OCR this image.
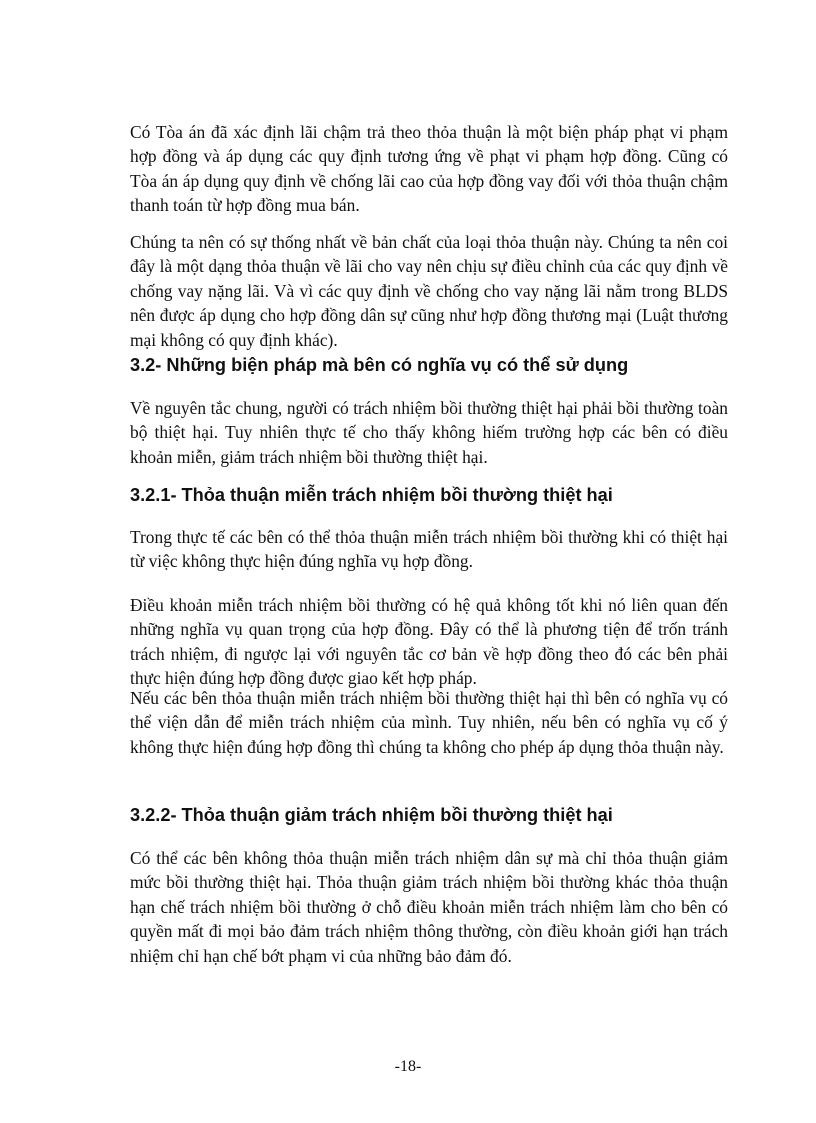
Có Tòa án đã xác định lãi chậm trả theo thỏa thuận là một biện pháp phạt vi phạm hợp đồng và áp dụng các quy định tương ứng về phạt vi phạm hợp đồng. Cũng có Tòa án áp dụng quy định về chống lãi cao của hợp đồng vay đối với thỏa thuận chậm thanh toán từ hợp đồng mua bán.

Chúng ta nên có sự thống nhất về bản chất của loại thỏa thuận này. Chúng ta nên coi đây là một dạng thỏa thuận về lãi cho vay nên chịu sự điều chỉnh của các quy định về chống vay nặng lãi. Và vì các quy định về chống cho vay nặng lãi nằm trong BLDS nên được áp dụng cho hợp đồng dân sự cũng như hợp đồng thương mại (Luật thương mại không có quy định khác).

3.2- Những biện pháp mà bên có nghĩa vụ có thể sử dụng

Về nguyên tắc chung, người có trách nhiệm bồi thường thiệt hại phải bồi thường toàn bộ thiệt hại. Tuy nhiên thực tế cho thấy không hiếm trường hợp các bên có điều khoản miễn, giảm trách nhiệm bồi thường thiệt hại.

3.2.1- Thỏa thuận miễn trách nhiệm bồi thường thiệt hại

Trong thực tế các bên có thể thỏa thuận miễn trách nhiệm bồi thường khi có thiệt hại từ việc không thực hiện đúng nghĩa vụ hợp đồng.

Điều khoản miễn trách nhiệm bồi thường có hệ quả không tốt khi nó liên quan đến những nghĩa vụ quan trọng của hợp đồng. Đây có thể là phương tiện để trốn tránh trách nhiệm, đi ngược lại với nguyên tắc cơ bản về hợp đồng theo đó các bên phải thực hiện đúng hợp đồng được giao kết hợp pháp.

Nếu các bên thỏa thuận miễn trách nhiệm bồi thường thiệt hại thì bên có nghĩa vụ có thể viện dẫn để miễn trách nhiệm của mình. Tuy nhiên, nếu bên có nghĩa vụ cố ý không thực hiện đúng hợp đồng thì chúng ta không cho phép áp dụng thỏa thuận này.

3.2.2- Thỏa thuận giảm trách nhiệm bồi thường thiệt hại

Có thể các bên không thỏa thuận miễn trách nhiệm dân sự mà chỉ thỏa thuận giảm mức bồi thường thiệt hại. Thỏa thuận giảm trách nhiệm bồi thường khác thỏa thuận hạn chế trách nhiệm bồi thường ở chỗ điều khoản miễn trách nhiệm làm cho bên có quyền mất đi mọi bảo đảm trách nhiệm thông thường, còn điều khoản giới hạn trách nhiệm chỉ hạn chế bớt phạm vi của những bảo đảm đó.

-18-
